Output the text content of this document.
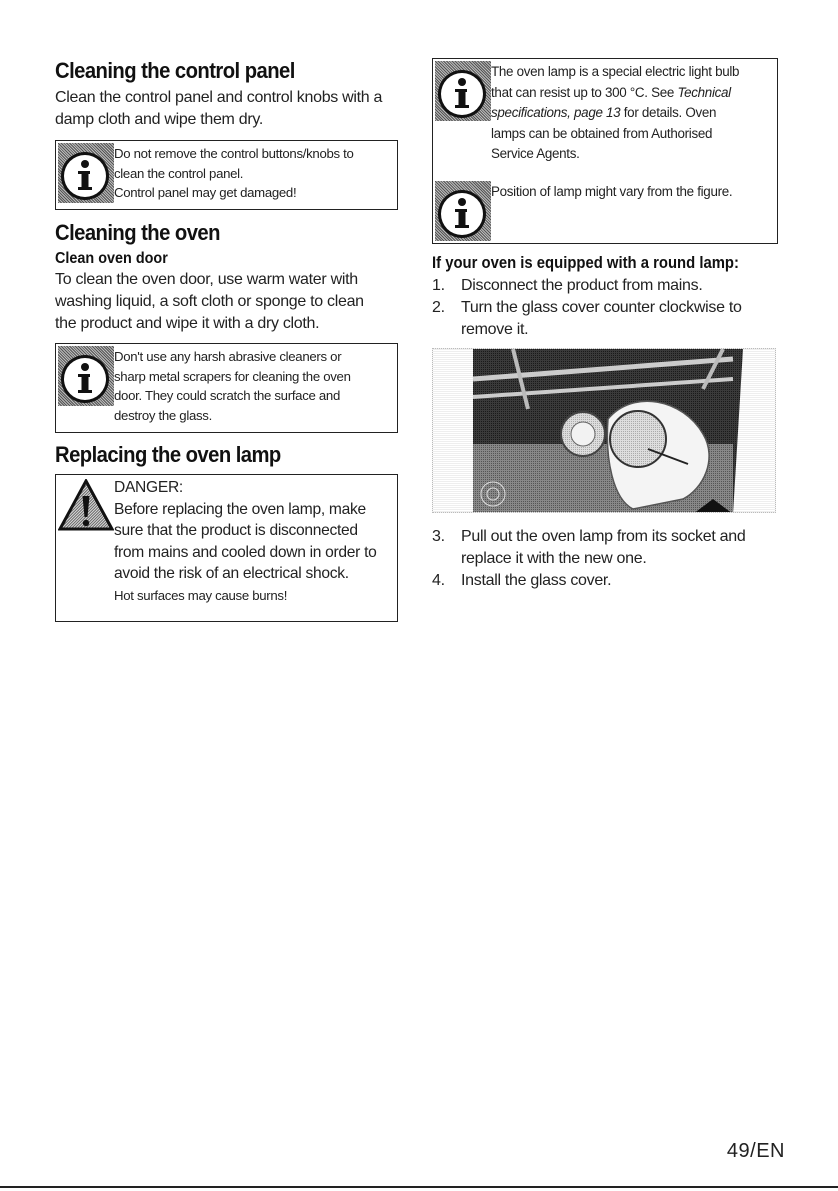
Cleaning the control panel

Clean the control panel and control knobs with a
damp cloth and wipe them dry.

Do not remove the control buttons/knobs to
clean the control panel.
Control panel may get damaged!
Cleaning the oven
Clean oven door

To clean the oven door, use warm water with
washing liquid, a soft cloth or sponge to clean
the product and wipe it with a dry cloth.

Don't use any harsh abrasive cleaners or
sharp metal scrapers for cleaning the oven
door. They could scratch the surface and
destroy the glass.
Replacing the oven lamp
DANGER:
Before replacing the oven lamp, make
sure that the product is disconnected
from mains and cooled down in order to
avoid the risk of an electrical shock.
Hot surfaces may cause burns!
The oven lamp is a special electric light bulb
that can resist up to 300 °C. See Technical
specifications, page 13 for details. Oven
lamps can be obtained from Authorised
Service Agents.
Position of lamp might vary from the figure.
If your oven is equipped with a round lamp:
1. Disconnect the product from mains.
2. Turn the glass cover counter clockwise to
remove it.
3. Pull out the oven lamp from its socket and
replace it with the new one.
4. Install the glass cover.
49/EN
